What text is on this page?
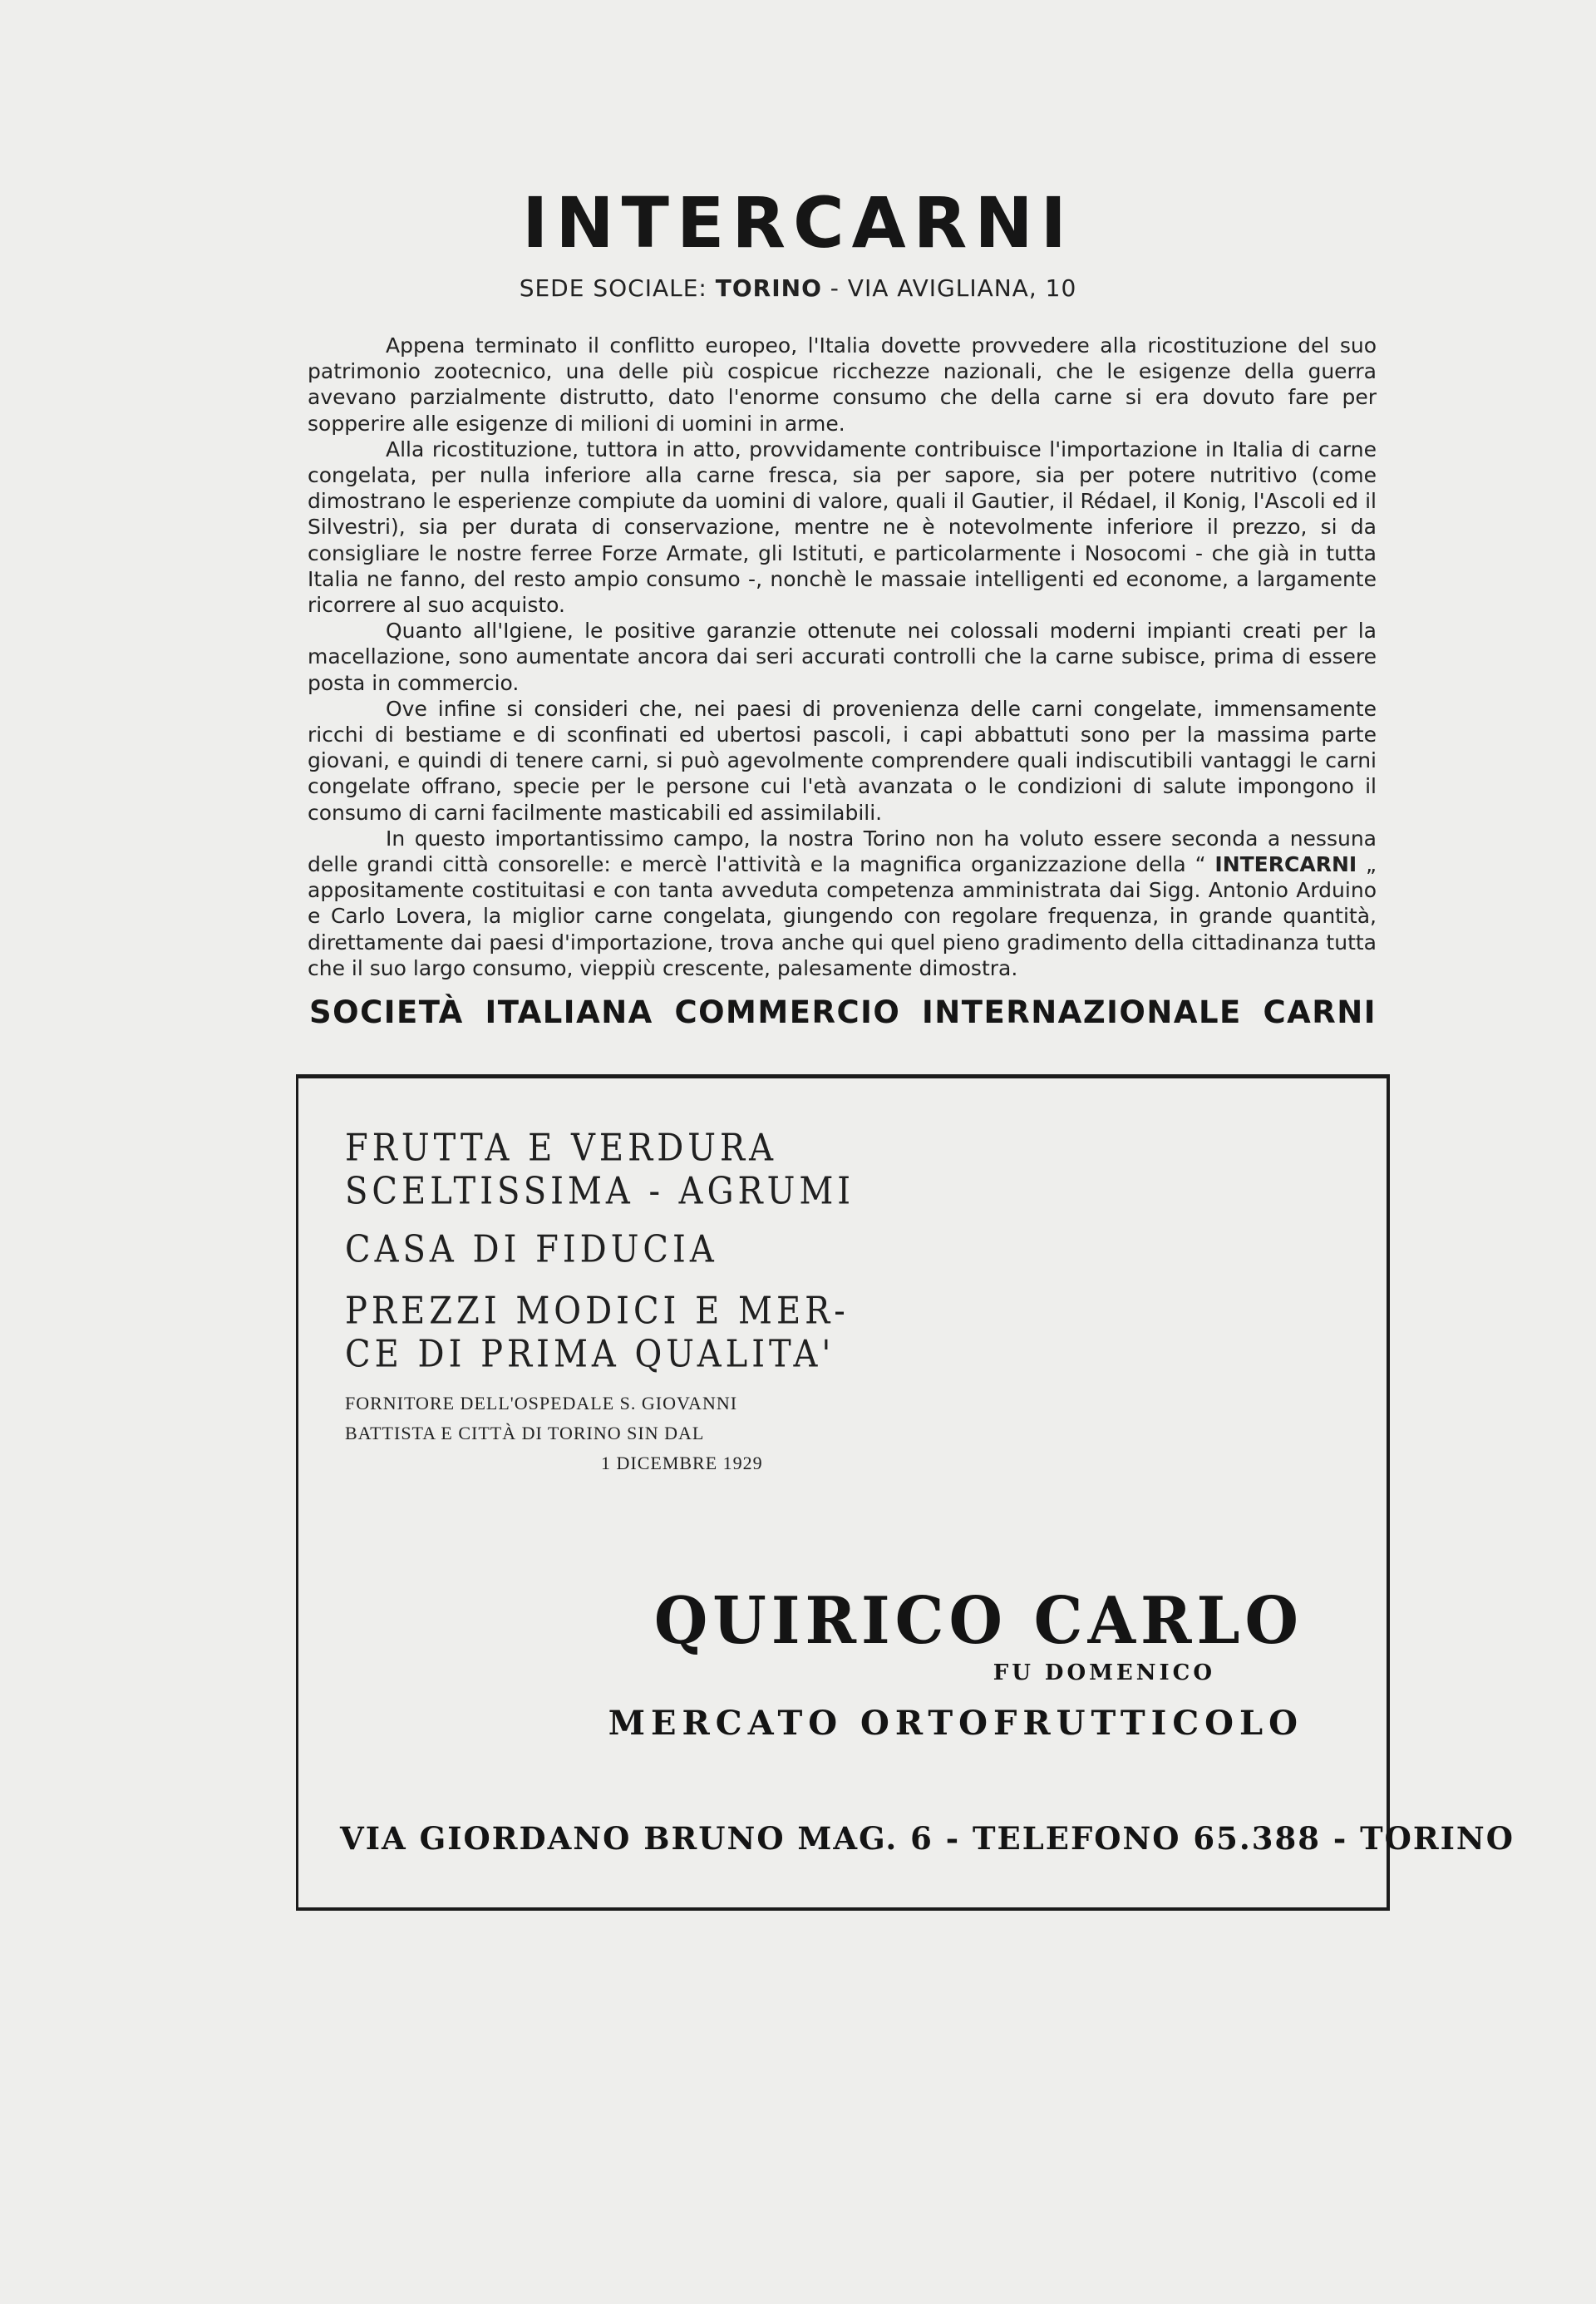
INTERCARNI
SEDE SOCIALE: TORINO - VIA AVIGLIANA, 10

Appena terminato il conflitto europeo, l'Italia dovette provvedere alla ricostituzione del suo patrimonio zootecnico, una delle più cospicue ricchezze nazionali, che le esigenze della guerra avevano parzialmente distrutto, dato l'enorme consumo che della carne si era dovuto fare per sopperire alle esigenze di milioni di uomini in arme.

Alla ricostituzione, tuttora in atto, provvidamente contribuisce l'importazione in Italia di carne congelata, per nulla inferiore alla carne fresca, sia per sapore, sia per potere nutritivo (come dimostrano le esperienze compiute da uomini di valore, quali il Gautier, il Rédael, il Konig, l'Ascoli ed il Silvestri), sia per durata di conservazione, mentre ne è notevolmente inferiore il prezzo, si da consigliare le nostre ferree Forze Armate, gli Istituti, e particolarmente i Nosocomi - che già in tutta Italia ne fanno, del resto ampio consumo -, nonchè le massaie intelligenti ed econome, a largamente ricorrere al suo acquisto.

Quanto all'Igiene, le positive garanzie ottenute nei colossali moderni impianti creati per la macellazione, sono aumentate ancora dai seri accurati controlli che la carne subisce, prima di essere posta in commercio.

Ove infine si consideri che, nei paesi di provenienza delle carni congelate, immensamente ricchi di bestiame e di sconfinati ed ubertosi pascoli, i capi abbattuti sono per la massima parte giovani, e quindi di tenere carni, si può agevolmente comprendere quali indiscutibili vantaggi le carni congelate offrano, specie per le persone cui l'età avanzata o le condizioni di salute impongono il consumo di carni facilmente masticabili ed assimilabili.

In questo importantissimo campo, la nostra Torino non ha voluto essere seconda a nessuna delle grandi città consorelle: e mercè l'attività e la magnifica organizzazione della “ INTERCARNI „ appositamente costituitasi e con tanta avveduta competenza amministrata dai Sigg. Antonio Arduino e Carlo Lovera, la miglior carne congelata, giungendo con regolare frequenza, in grande quantità, direttamente dai paesi d'importazione, trova anche qui quel pieno gradimento della cittadinanza tutta che il suo largo consumo, vieppiù crescente, palesamente dimostra.

SOCIETÀ ITALIANA COMMERCIO INTERNAZIONALE CARNI
FRUTTA E VERDURA
SCELTISSIMA - AGRUMI
CASA DI FIDUCIA
PREZZI MODICI E MER-
CE DI PRIMA QUALITA'
FORNITORE DELL'OSPEDALE S. GIOVANNI
BATTISTA E CITTÀ DI TORINO SIN DAL
1 DICEMBRE 1929
QUIRICO CARLO
FU DOMENICO
MERCATO ORTOFRUTTICOLO
VIA GIORDANO BRUNO MAG. 6 - TELEFONO 65.388 - TORINO
